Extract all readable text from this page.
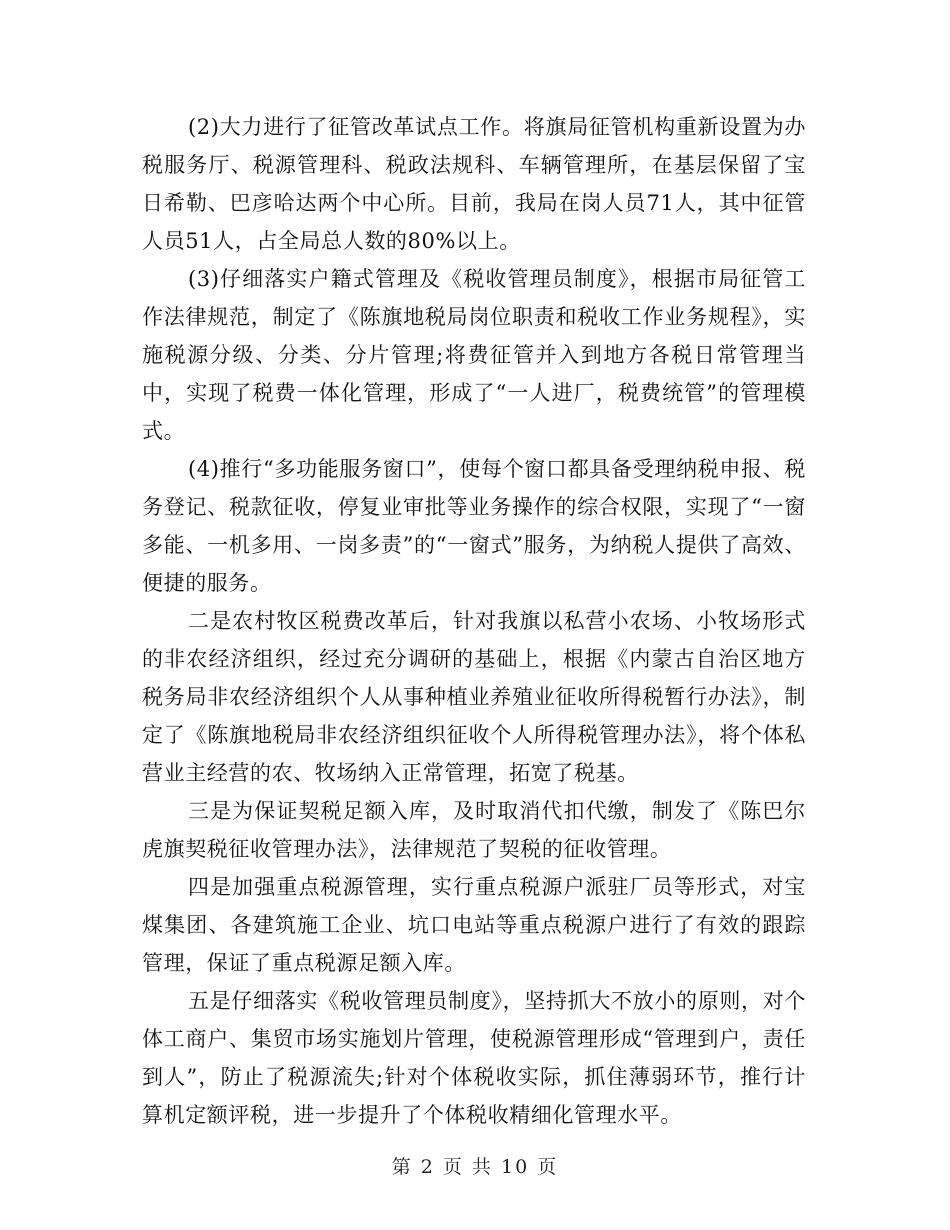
(2)大力进行了征管改革试点工作。将旗局征管机构重新设置为办税服务厅、税源管理科、税政法规科、车辆管理所，在基层保留了宝日希勒、巴彦哈达两个中心所。目前，我局在岗人员71人，其中征管人员51人，占全局总人数的80%以上。

(3)仔细落实户籍式管理及《税收管理员制度》，根据市局征管工作法律规范，制定了《陈旗地税局岗位职责和税收工作业务规程》，实施税源分级、分类、分片管理;将费征管并入到地方各税日常管理当中，实现了税费一体化管理，形成了“一人进厂，税费统管”的管理模式。

(4)推行“多功能服务窗口”，使每个窗口都具备受理纳税申报、税务登记、税款征收，停复业审批等业务操作的综合权限，实现了“一窗多能、一机多用、一岗多责”的“一窗式”服务，为纳税人提供了高效、便捷的服务。

二是农村牧区税费改革后，针对我旗以私营小农场、小牧场形式的非农经济组织，经过充分调研的基础上，根据《内蒙古自治区地方税务局非农经济组织个人从事种植业养殖业征收所得税暂行办法》，制定了《陈旗地税局非农经济组织征收个人所得税管理办法》，将个体私营业主经营的农、牧场纳入正常管理，拓宽了税基。

三是为保证契税足额入库，及时取消代扣代缴，制发了《陈巴尔虎旗契税征收管理办法》，法律规范了契税的征收管理。

四是加强重点税源管理，实行重点税源户派驻厂员等形式，对宝煤集团、各建筑施工企业、坑口电站等重点税源户进行了有效的跟踪管理，保证了重点税源足额入库。

五是仔细落实《税收管理员制度》，坚持抓大不放小的原则，对个体工商户、集贸市场实施划片管理，使税源管理形成“管理到户，责任到人”，防止了税源流失;针对个体税收实际，抓住薄弱环节，推行计算机定额评税，进一步提升了个体税收精细化管理水平。

第 2 页 共 10 页
